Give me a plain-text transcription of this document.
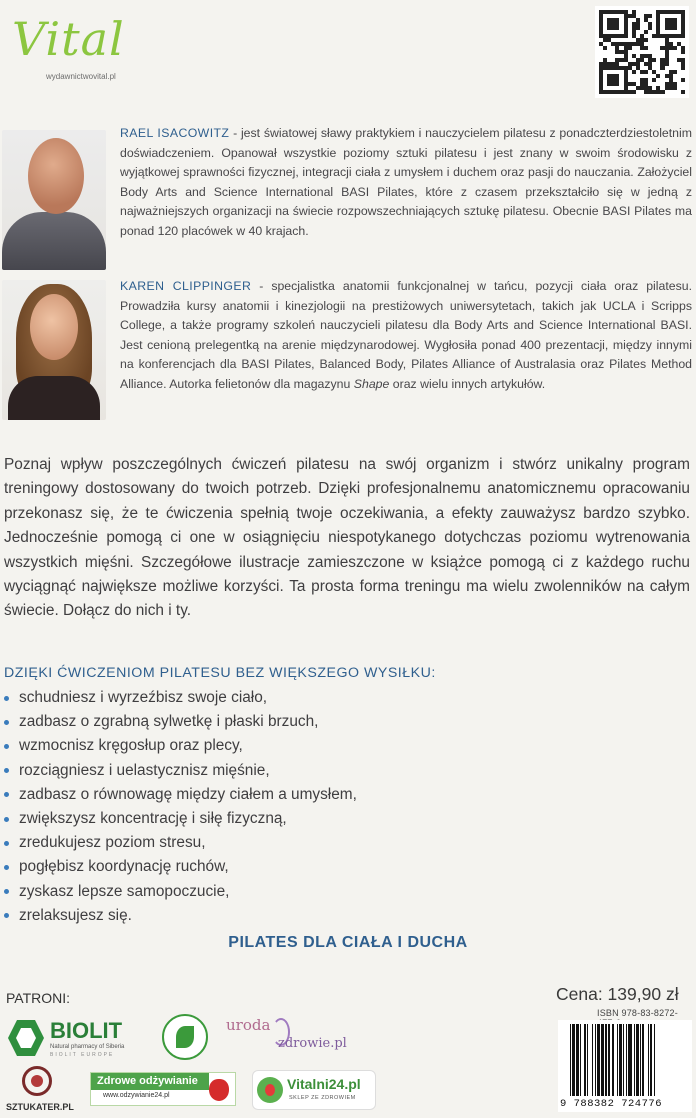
Vital
wydawnictwovital.pl

RAEL ISACOWITZ - jest światowej sławy praktykiem i nauczycielem pilatesu z ponadczterdziestoletnim doświadczeniem. Opanował wszystkie poziomy sztuki pilatesu i jest znany w swoim środowisku z wyjątkowej sprawności fizycznej, integracji ciała z umysłem i duchem oraz pasji do nauczania. Założyciel Body Arts and Science International BASI Pilates, które z czasem przekształciło się w jedną z najważniejszych organizacji na świecie rozpowszechniających sztukę pilatesu. Obecnie BASI Pilates ma ponad 120 placówek w 40 krajach.

KAREN CLIPPINGER - specjalistka anatomii funkcjonalnej w tańcu, pozycji ciała oraz pilatesu. Prowadziła kursy anatomii i kinezjologii na prestiżowych uniwersytetach, takich jak UCLA i Scripps College, a także programy szkoleń nauczycieli pilatesu dla Body Arts and Science International BASI. Jest cenioną prelegentką na arenie międzynarodowej. Wygłosiła ponad 400 prezentacji, między innymi na konferencjach dla BASI Pilates, Balanced Body, Pilates Alliance of Australasia oraz Pilates Method Alliance. Autorka felietonów dla magazynu Shape oraz wielu innych artykułów.

Poznaj wpływ poszczególnych ćwiczeń pilatesu na swój organizm i stwórz unikalny program treningowy dostosowany do twoich potrzeb. Dzięki profesjonalnemu anatomicznemu opracowaniu przekonasz się, że te ćwiczenia spełnią twoje oczekiwania, a efekty zauważysz bardzo szybko. Jednocześnie pomogą ci one w osiągnięciu niespotykanego dotychczas poziomu wytrenowania wszystkich mięśni. Szczegółowe ilustracje zamieszczone w książce pomogą ci z każdego ruchu wyciągnąć największe możliwe korzyści. Ta prosta forma treningu ma wielu zwolenników na całym świecie. Dołącz do nich i ty.

DZIĘKI ĆWICZENIOM PILATESU BEZ WIĘKSZEGO WYSIŁKU:
schudniesz i wyrzeźbisz swoje ciało,
zadbasz o zgrabną sylwetkę i płaski brzuch,
wzmocnisz kręgosłup oraz plecy,
rozciągniesz i uelastycznisz mięśnie,
zadbasz o równowagę między ciałem a umysłem,
zwiększysz koncentrację i siłę fizyczną,
zredukujesz poziom stresu,
pogłębisz koordynację ruchów,
zyskasz lepsze samopoczucie,
zrelaksujesz się.
PILATES DLA CIAŁA I DUCHA
PATRONI:	Cena: 139,90 zł
ISBN 978-83-8272-
9 788382 724776
BIOLIT
Natural pharmacy of Siberia
BIOLIT EUROPE
uroda
zdrowie.pl
SZTUKATER.PL
Zdrowe odżywianie
www.odzywianie24.pl
Vitalni24.pl
SKLEP ZE ZDROWIEM
